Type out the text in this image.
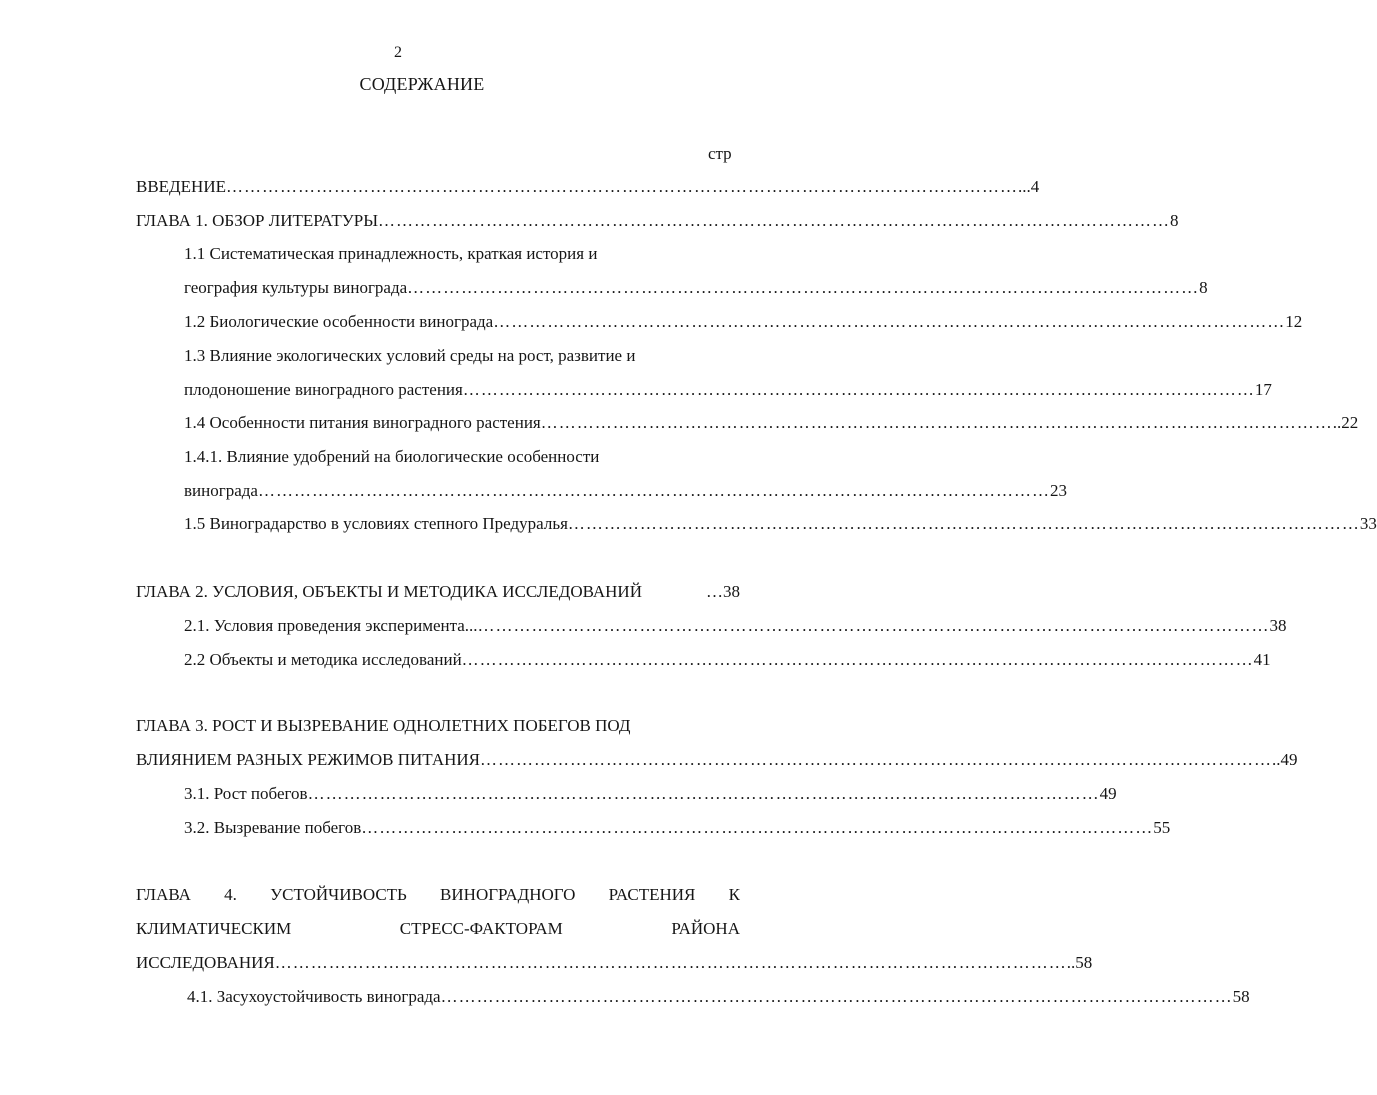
2
СОДЕРЖАНИЕ
стр
ВВЕДЕНИЕ …………………………………………………………………………………………………………………… ...4
ГЛАВА 1. ОБЗОР ЛИТЕРАТУРЫ …………………………………………………………………………………………………………………… 8
1.1 Систематическая принадлежность, краткая история и
география культуры винограда …………………………………………………………………………………………………………………… 8
1.2 Биологические особенности винограда …………………………………………………………………………………………………………………… 12
1.3 Влияние экологических условий среды на рост, развитие и
плодоношение виноградного растения …………………………………………………………………………………………………………………… 17
1.4 Особенности питания виноградного растения …………………………………………………………………………………………………………………… ..22
1.4.1. Влияние удобрений на биологические особенности
винограда …………………………………………………………………………………………………………………… 23
1.5 Виноградарство в условиях степного Предуралья …………………………………………………………………………………………………………………… 33
ГЛАВА 2. УСЛОВИЯ, ОБЪЕКТЫ И МЕТОДИКА ИССЛЕДОВАНИЙ	…38
2.1. Условия проведения эксперимента... …………………………………………………………………………………………………………………… 38
2.2 Объекты и методика исследований …………………………………………………………………………………………………………………… 41
ГЛАВА 3. РОСТ И ВЫЗРЕВАНИЕ ОДНОЛЕТНИХ ПОБЕГОВ ПОД
ВЛИЯНИЕМ РАЗНЫХ РЕЖИМОВ ПИТАНИЯ …………………………………………………………………………………………………………………… ..49
3.1. Рост побегов …………………………………………………………………………………………………………………… 49
3.2. Вызревание побегов …………………………………………………………………………………………………………………… 55
ГЛАВА 4. УСТОЙЧИВОСТЬ ВИНОГРАДНОГО РАСТЕНИЯ К
КЛИМАТИЧЕСКИМ	СТРЕСС-ФАКТОРАМ	РАЙОНА
ИССЛЕДОВАНИЯ …………………………………………………………………………………………………………………… ..58
4.1. Засухоустойчивость винограда …………………………………………………………………………………………………………………… 58
